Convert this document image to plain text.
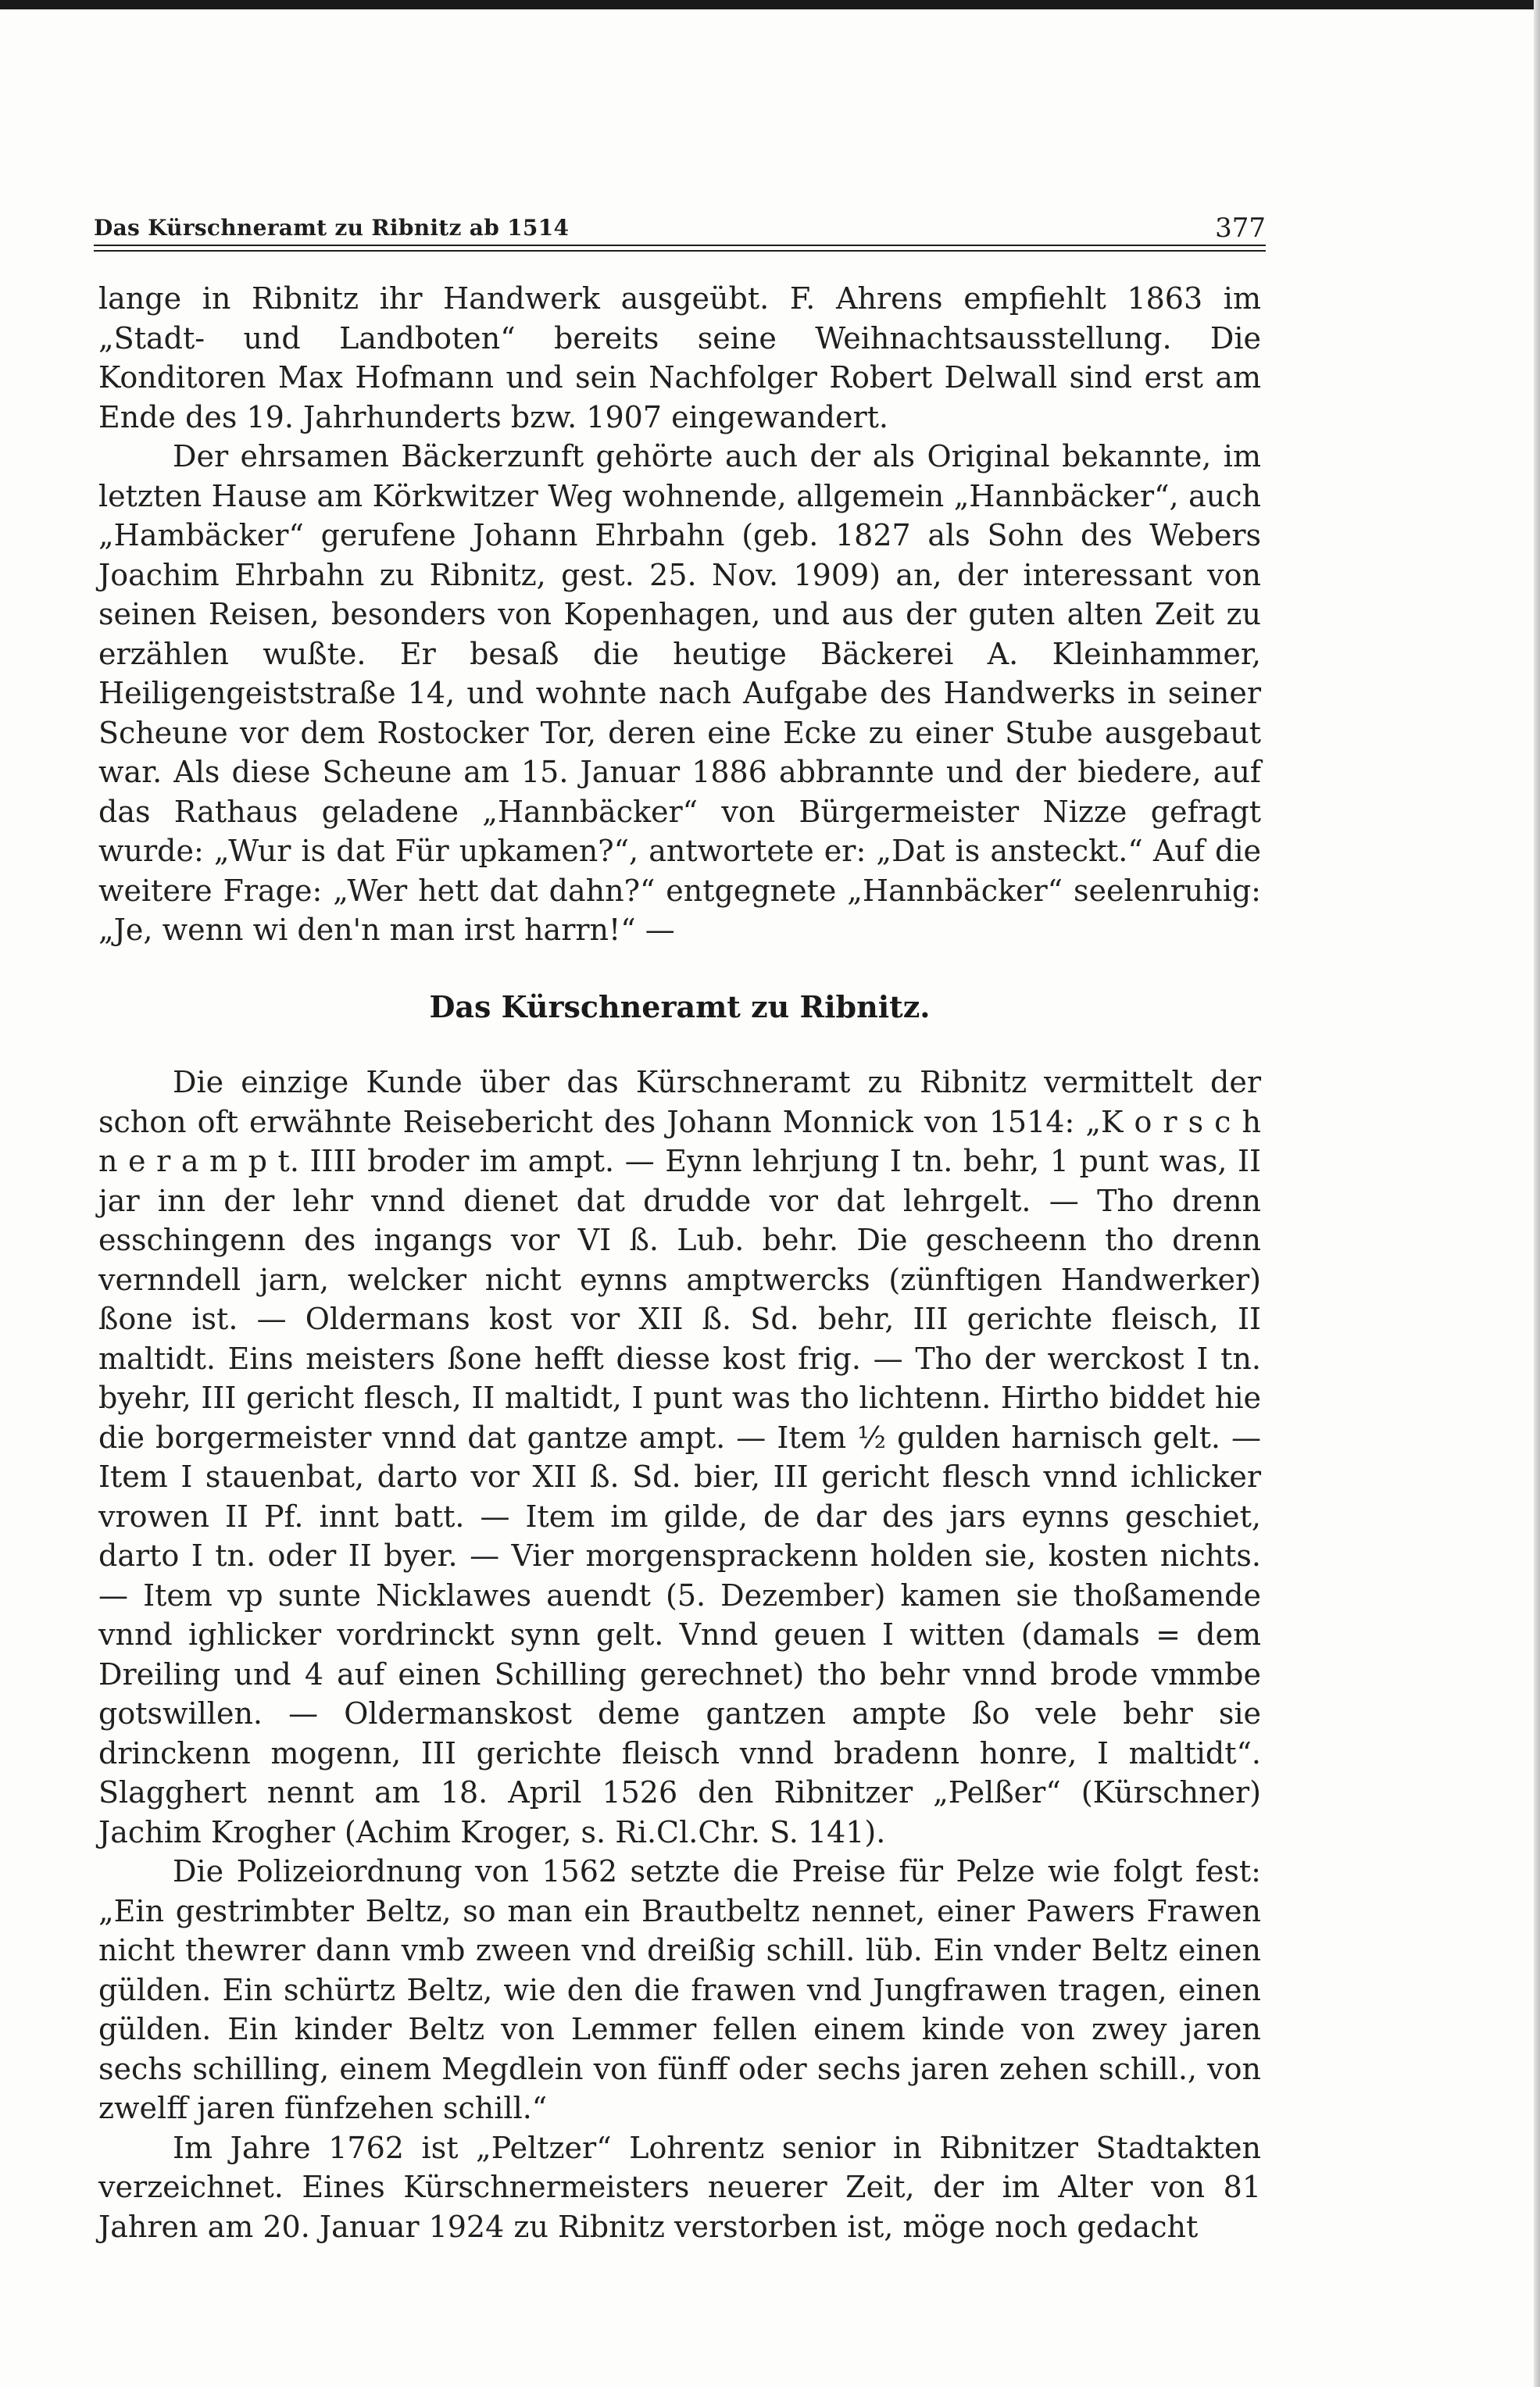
Das Kürschneramt zu Ribnitz ab 1514	377

lange in Ribnitz ihr Handwerk ausgeübt. F. Ahrens empfiehlt 1863 im „Stadt- und Landboten“ bereits seine Weihnachtsausstellung. Die Konditoren Max Hofmann und sein Nachfolger Robert Delwall sind erst am Ende des 19. Jahrhunderts bzw. 1907 eingewandert.

Der ehrsamen Bäckerzunft gehörte auch der als Original bekannte, im letzten Hause am Körkwitzer Weg wohnende, allgemein „Hannbäcker“, auch „Hambäcker“ gerufene Johann Ehrbahn (geb. 1827 als Sohn des Webers Joachim Ehrbahn zu Ribnitz, gest. 25. Nov. 1909) an, der interessant von seinen Reisen, besonders von Kopenhagen, und aus der guten alten Zeit zu erzählen wußte. Er besaß die heutige Bäckerei A. Kleinhammer, Heiligengeiststraße 14, und wohnte nach Aufgabe des Handwerks in seiner Scheune vor dem Rostocker Tor, deren eine Ecke zu einer Stube ausgebaut war. Als diese Scheune am 15. Januar 1886 abbrannte und der biedere, auf das Rathaus geladene „Hannbäcker“ von Bürgermeister Nizze gefragt wurde: „Wur is dat Für upkamen?“, antwortete er: „Dat is ansteckt.“ Auf die weitere Frage: „Wer hett dat dahn?“ entgegnete „Hannbäcker“ seelenruhig: „Je, wenn wi den'n man irst harrn!“ —

Das Kürschneramt zu Ribnitz.

Die einzige Kunde über das Kürschneramt zu Ribnitz vermittelt der schon oft erwähnte Reisebericht des Johann Monnick von 1514: „K o r s c h n e r a m p t. IIII broder im ampt. — Eynn lehrjung I tn. behr, 1 punt was, II jar inn der lehr vnnd dienet dat drudde vor dat lehrgelt. — Tho drenn esschingenn des ingangs vor VI ß. Lub. behr. Die gescheenn tho drenn vernndell jarn, welcker nicht eynns amptwercks (zünftigen Handwerker) ßone ist. — Oldermans kost vor XII ß. Sd. behr, III gerichte fleisch, II maltidt. Eins meisters ßone hefft diesse kost frig. — Tho der werckost I tn. byehr, III gericht flesch, II maltidt, I punt was tho lichtenn. Hirtho biddet hie die borgermeister vnnd dat gantze ampt. — Item ½ gulden harnisch gelt. — Item I stauenbat, darto vor XII ß. Sd. bier, III gericht flesch vnnd ichlicker vrowen II Pf. innt batt. — Item im gilde, de dar des jars eynns geschiet, darto I tn. oder II byer. — Vier morgensprackenn holden sie, kosten nichts. — Item vp sunte Nicklawes auendt (5. Dezember) kamen sie thoßamende vnnd ighlicker vordrinckt synn gelt. Vnnd geuen I witten (damals = dem Dreiling und 4 auf einen Schilling gerechnet) tho behr vnnd brode vmmbe gotswillen. — Oldermanskost deme gantzen ampte ßo vele behr sie drinckenn mogenn, III gerichte fleisch vnnd bradenn honre, I maltidt“. Slagghert nennt am 18. April 1526 den Ribnitzer „Pelßer“ (Kürschner) Jachim Krogher (Achim Kroger, s. Ri.Cl.Chr. S. 141).

Die Polizeiordnung von 1562 setzte die Preise für Pelze wie folgt fest: „Ein gestrimbter Beltz, so man ein Brautbeltz nennet, einer Pawers Frawen nicht thewrer dann vmb zween vnd dreißig schill. lüb. Ein vnder Beltz einen gülden. Ein schürtz Beltz, wie den die frawen vnd Jungfrawen tragen, einen gülden. Ein kinder Beltz von Lemmer fellen einem kinde von zwey jaren sechs schilling, einem Megdlein von fünff oder sechs jaren zehen schill., von zwelff jaren fünfzehen schill.“

Im Jahre 1762 ist „Peltzer“ Lohrentz senior in Ribnitzer Stadtakten verzeichnet. Eines Kürschnermeisters neuerer Zeit, der im Alter von 81 Jahren am 20. Januar 1924 zu Ribnitz verstorben ist, möge noch gedacht
